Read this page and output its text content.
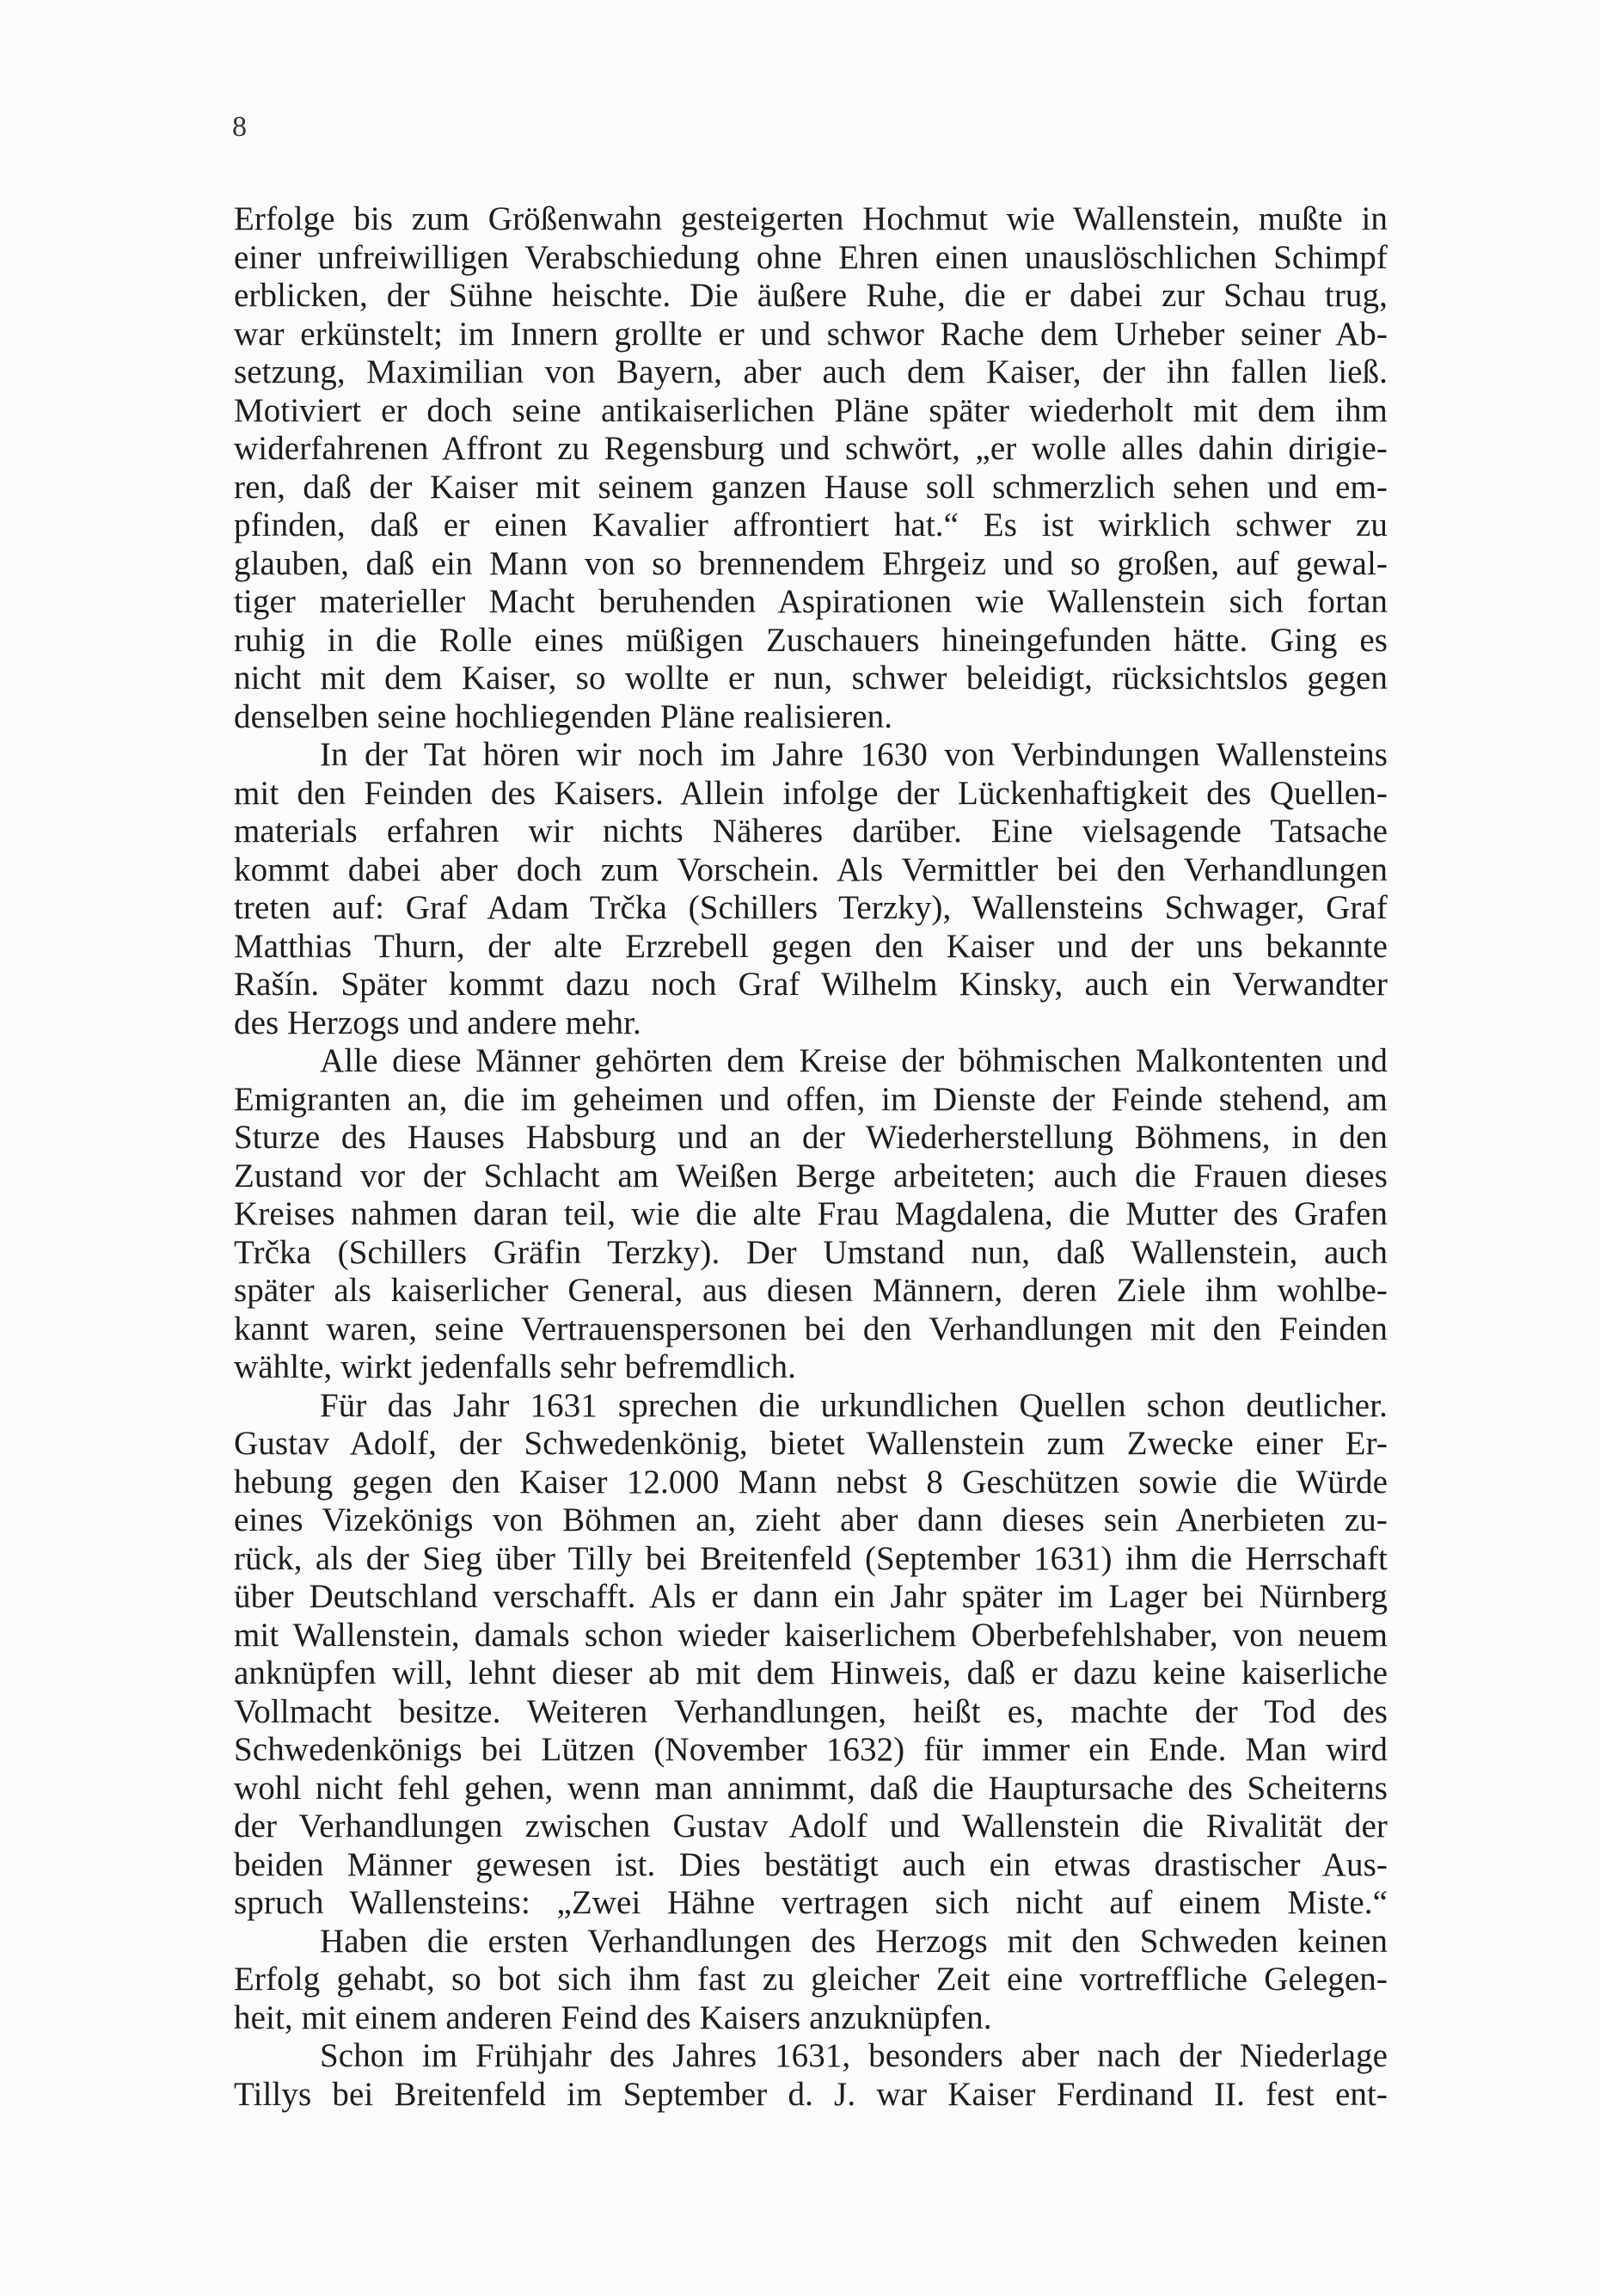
8
Erfolge bis zum Größenwahn gesteigerten Hochmut wie Wallenstein, mußte in
einer unfreiwilligen Verabschiedung ohne Ehren einen unauslöschlichen Schimpf
erblicken, der Sühne heischte. Die äußere Ruhe, die er dabei zur Schau trug,
war erkünstelt; im Innern grollte er und schwor Rache dem Urheber seiner Ab-
setzung, Maximilian von Bayern, aber auch dem Kaiser, der ihn fallen ließ.
Motiviert er doch seine antikaiserlichen Pläne später wiederholt mit dem ihm
widerfahrenen Affront zu Regensburg und schwört, „er wolle alles dahin dirigie-
ren, daß der Kaiser mit seinem ganzen Hause soll schmerzlich sehen und em-
pfinden, daß er einen Kavalier affrontiert hat.“ Es ist wirklich schwer zu
glauben, daß ein Mann von so brennendem Ehrgeiz und so großen, auf gewal-
tiger materieller Macht beruhenden Aspirationen wie Wallenstein sich fortan
ruhig in die Rolle eines müßigen Zuschauers hineingefunden hätte. Ging es
nicht mit dem Kaiser, so wollte er nun, schwer beleidigt, rücksichtslos gegen
denselben seine hochliegenden Pläne realisieren.
In der Tat hören wir noch im Jahre 1630 von Verbindungen Wallensteins
mit den Feinden des Kaisers. Allein infolge der Lückenhaftigkeit des Quellen-
materials erfahren wir nichts Näheres darüber. Eine vielsagende Tatsache
kommt dabei aber doch zum Vorschein. Als Vermittler bei den Verhandlungen
treten auf: Graf Adam Trčka (Schillers Terzky), Wallensteins Schwager, Graf
Matthias Thurn, der alte Erzrebell gegen den Kaiser und der uns bekannte
Rašín. Später kommt dazu noch Graf Wilhelm Kinsky, auch ein Verwandter
des Herzogs und andere mehr.
Alle diese Männer gehörten dem Kreise der böhmischen Malkontenten und
Emigranten an, die im geheimen und offen, im Dienste der Feinde stehend, am
Sturze des Hauses Habsburg und an der Wiederherstellung Böhmens, in den
Zustand vor der Schlacht am Weißen Berge arbeiteten; auch die Frauen dieses
Kreises nahmen daran teil, wie die alte Frau Magdalena, die Mutter des Grafen
Trčka (Schillers Gräfin Terzky). Der Umstand nun, daß Wallenstein, auch
später als kaiserlicher General, aus diesen Männern, deren Ziele ihm wohlbe-
kannt waren, seine Vertrauenspersonen bei den Verhandlungen mit den Feinden
wählte, wirkt jedenfalls sehr befremdlich.
Für das Jahr 1631 sprechen die urkundlichen Quellen schon deutlicher.
Gustav Adolf, der Schwedenkönig, bietet Wallenstein zum Zwecke einer Er-
hebung gegen den Kaiser 12.000 Mann nebst 8 Geschützen sowie die Würde
eines Vizekönigs von Böhmen an, zieht aber dann dieses sein Anerbieten zu-
rück, als der Sieg über Tilly bei Breitenfeld (September 1631) ihm die Herrschaft
über Deutschland verschafft. Als er dann ein Jahr später im Lager bei Nürnberg
mit Wallenstein, damals schon wieder kaiserlichem Oberbefehlshaber, von neuem
anknüpfen will, lehnt dieser ab mit dem Hinweis, daß er dazu keine kaiserliche
Vollmacht besitze. Weiteren Verhandlungen, heißt es, machte der Tod des
Schwedenkönigs bei Lützen (November 1632) für immer ein Ende. Man wird
wohl nicht fehl gehen, wenn man annimmt, daß die Hauptursache des Scheiterns
der Verhandlungen zwischen Gustav Adolf und Wallenstein die Rivalität der
beiden Männer gewesen ist. Dies bestätigt auch ein etwas drastischer Aus-
spruch Wallensteins: „Zwei Hähne vertragen sich nicht auf einem Miste.“
Haben die ersten Verhandlungen des Herzogs mit den Schweden keinen
Erfolg gehabt, so bot sich ihm fast zu gleicher Zeit eine vortreffliche Gelegen-
heit, mit einem anderen Feind des Kaisers anzuknüpfen.
Schon im Frühjahr des Jahres 1631, besonders aber nach der Niederlage
Tillys bei Breitenfeld im September d. J. war Kaiser Ferdinand II. fest ent-
